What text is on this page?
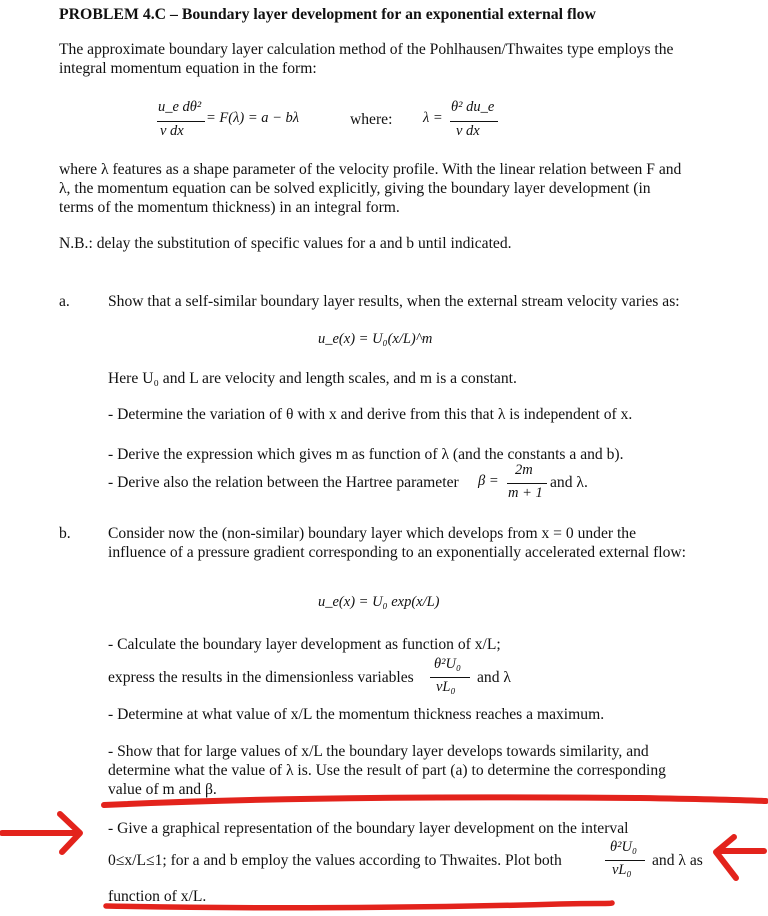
PROBLEM 4.C – Boundary layer development for an exponential external flow
The approximate boundary layer calculation method of the Pohlhausen/Thwaites type employs the
integral momentum equation in the form:
u_e dθ²
ν dx
= F(λ) = a − bλ	where: λ =
θ² du_e
ν dx
where λ features as a shape parameter of the velocity profile. With the linear relation between F and
λ, the momentum equation can be solved explicitly, giving the boundary layer development (in
terms of the momentum thickness) in an integral form.
N.B.: delay the substitution of specific values for a and b until indicated.
a. Show that a self-similar boundary layer results, when the external stream velocity varies as:
u_e(x) = U₀(x/L)^m
Here U₀ and L are velocity and length scales, and m is a constant.
- Determine the variation of θ with x and derive from this that λ is independent of x.
- Derive the expression which gives m as function of λ (and the constants a and b).
- Derive also the relation between the Hartree parameter β =
2m
m + 1
and λ.
b. Consider now the (non-similar) boundary layer which develops from x = 0 under the
influence of a pressure gradient corresponding to an exponentially accelerated external flow:
u_e(x) = U₀ exp(x/L)
- Calculate the boundary layer development as function of x/L;
express the results in the dimensionless variables
θ²U₀
νL₀
and λ
- Determine at what value of x/L the momentum thickness reaches a maximum.
- Show that for large values of x/L the boundary layer develops towards similarity, and
determine what the value of λ is. Use the result of part (a) to determine the corresponding
value of m and β.
- Give a graphical representation of the boundary layer development on the interval
0≤x/L≤1; for a and b employ the values according to Thwaites. Plot both
θ²U₀
νL₀
and λ as
function of x/L.
